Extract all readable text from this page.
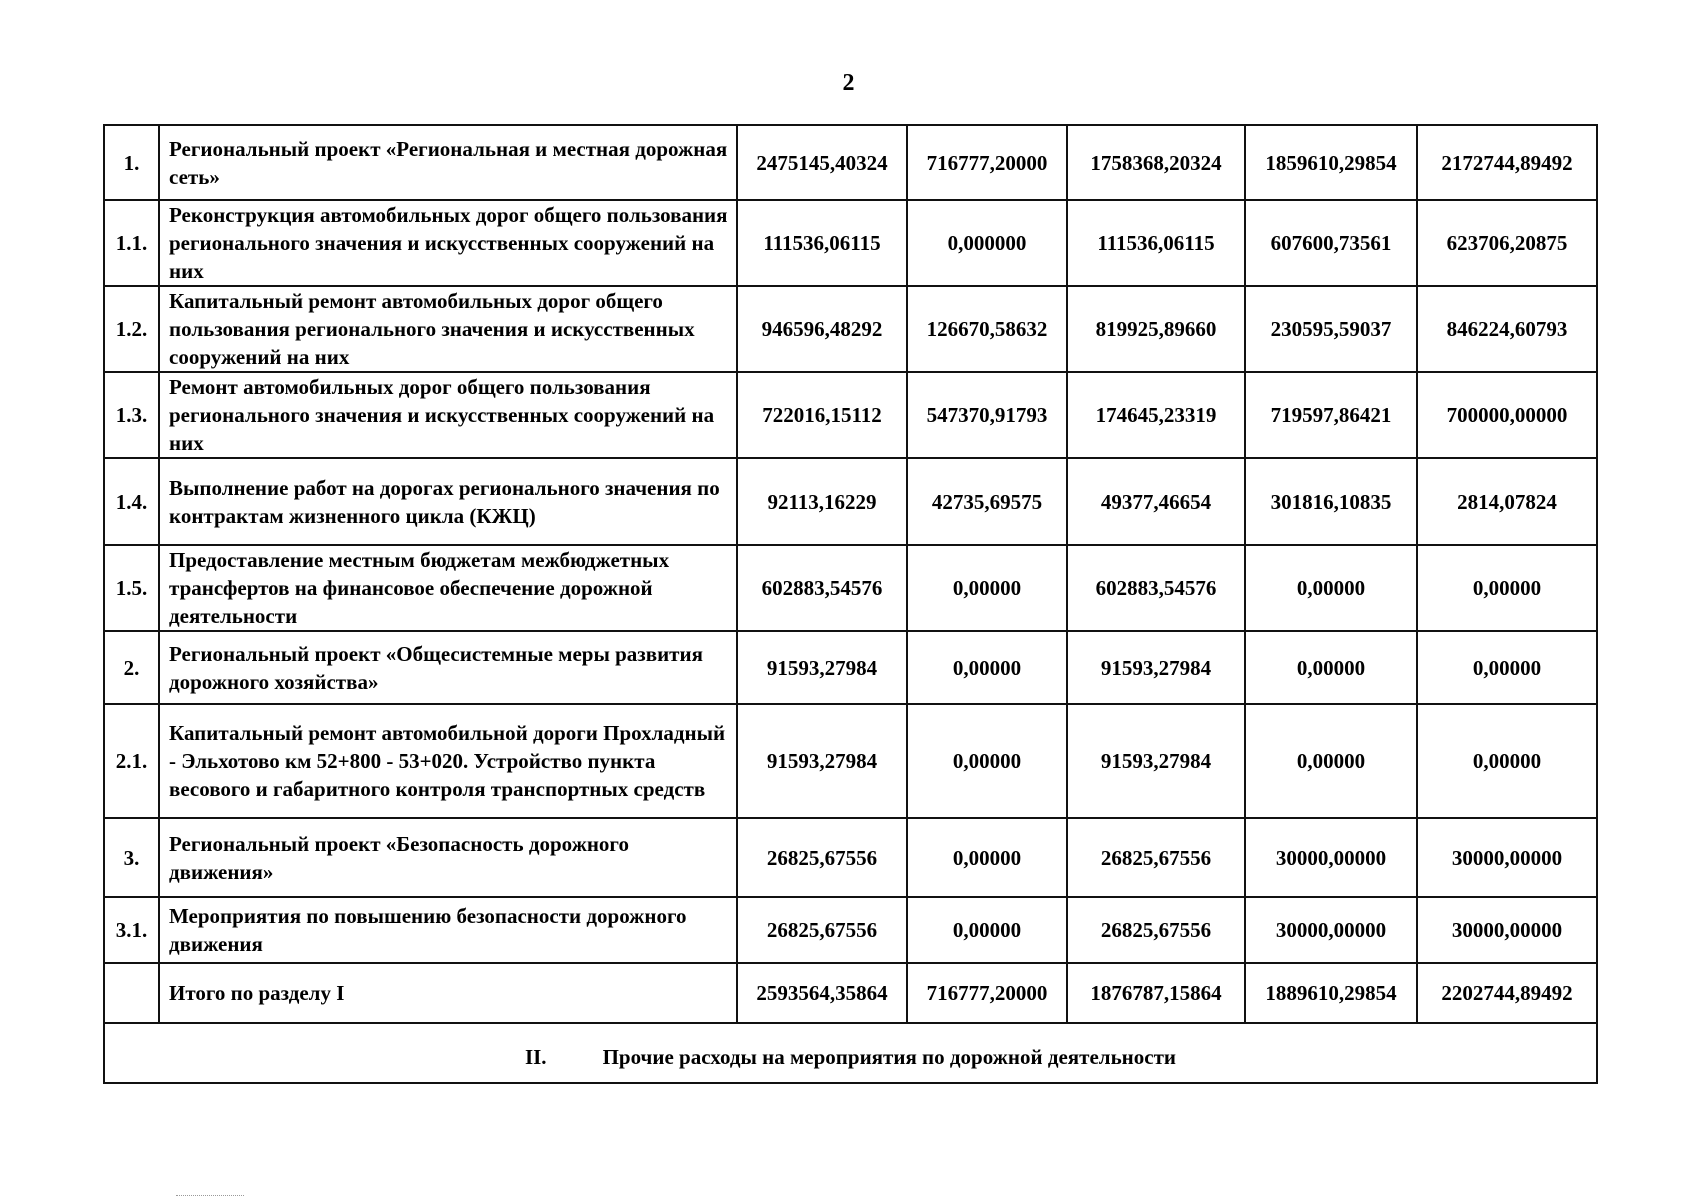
2
1.	Региональный проект «Региональная и местная дорожная сеть»	2475145,40324	716777,20000	1758368,20324	1859610,29854	2172744,89492
1.1.	Реконструкция автомобильных дорог общего пользования регионального значения и искусственных сооружений на них	111536,06115	0,000000	111536,06115	607600,73561	623706,20875
1.2.	Капитальный ремонт автомобильных дорог общего пользования регионального значения и искусственных сооружений на них	946596,48292	126670,58632	819925,89660	230595,59037	846224,60793
1.3.	Ремонт автомобильных дорог общего пользования регионального значения и искусственных сооружений на них	722016,15112	547370,91793	174645,23319	719597,86421	700000,00000
1.4.	Выполнение работ на дорогах регионального значения по контрактам жизненного цикла (КЖЦ)	92113,16229	42735,69575	49377,46654	301816,10835	2814,07824
1.5.	Предоставление местным бюджетам межбюджетных трансфертов на финансовое обеспечение дорожной деятельности	602883,54576	0,00000	602883,54576	0,00000	0,00000
2.	Региональный проект «Общесистемные меры развития дорожного хозяйства»	91593,27984	0,00000	91593,27984	0,00000	0,00000
2.1.	Капитальный ремонт автомобильной дороги Прохладный - Эльхотово км 52+800 - 53+020. Устройство пункта весового и габаритного контроля транспортных средств	91593,27984	0,00000	91593,27984	0,00000	0,00000
3.	Региональный проект «Безопасность дорожного движения»	26825,67556	0,00000	26825,67556	30000,00000	30000,00000
3.1.	Мероприятия по повышению безопасности дорожного движения	26825,67556	0,00000	26825,67556	30000,00000	30000,00000
	Итого по разделу I	2593564,35864	716777,20000	1876787,15864	1889610,29854	2202744,89492
II. Прочие расходы на мероприятия по дорожной деятельности						
